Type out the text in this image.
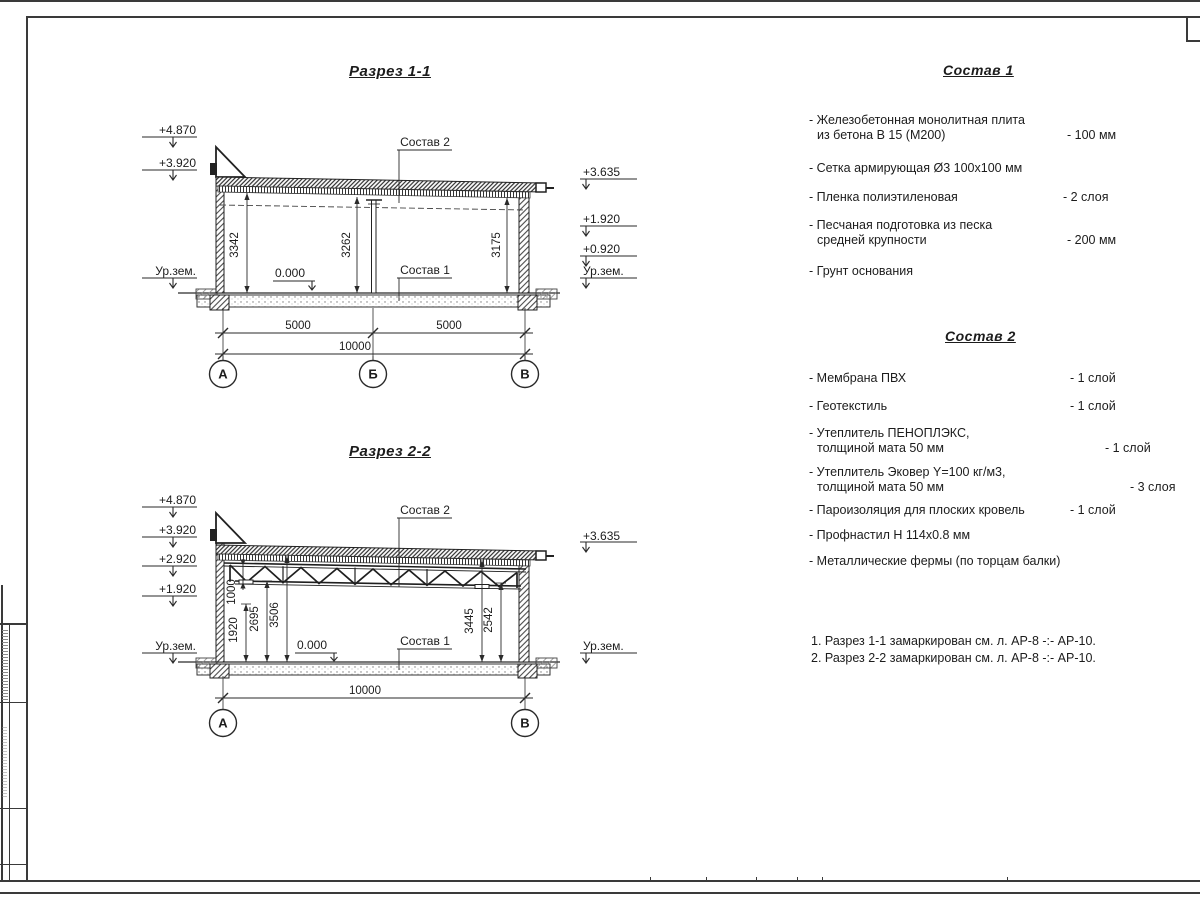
Разрез 1-1
Разрез 2-2
Состав 2
Состав 1
0.000
+4.870
+3.920
Ур.зем.
+3.635
+1.920
+0.920
Ур.зем.
3342	3262	3175
5000	5000
10000
А	Б	В
Состав 2
Состав 1
0.000
+4.870
+3.920
+2.920
+1.920
Ур.зем.
+3.635
Ур.зем.
1000
1920 2695 3506	3445 2542
10000
А	В
Состав 1
- Железобетонная монолитная плита
из бетона В 15 (М200)	- 100 мм
- Сетка армирующая Ø3 100х100 мм
- Пленка полиэтиленовая	- 2 слоя
- Песчаная подготовка из песка
средней крупности	- 200 мм
- Грунт основания
Состав 2
- Мембрана ПВХ	- 1 слой
- Геотекстиль	- 1 слой
- Утеплитель ПЕНОПЛЭКС,
толщиной мата 50 мм	- 1 слой
- Утеплитель Эковер Y=100 кг/м3,
толщиной мата 50 мм	- 3 слоя
- Пароизоляция для плоских кровель	- 1 слой
- Профнастил Н 114х0.8 мм
- Металлические фермы (по торцам балки)
1. Разрез 1-1 замаркирован см. л. АР-8 -:- АР-10.
2. Разрез 2-2 замаркирован см. л. АР-8 -:- АР-10.
